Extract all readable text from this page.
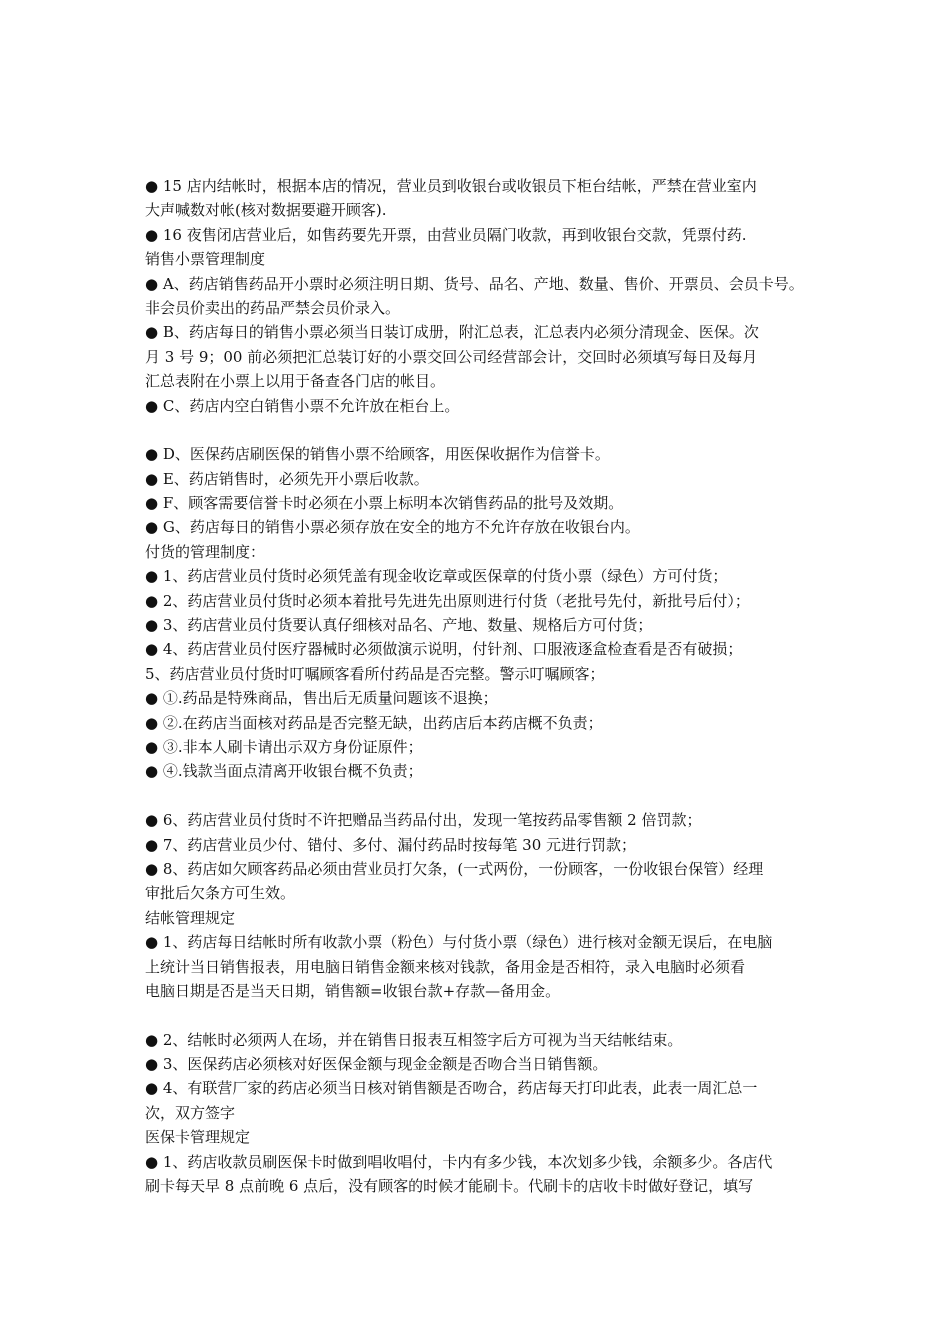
● 15 店内结帐时，根据本店的情况，营业员到收银台或收银员下柜台结帐，严禁在营业室内
大声喊数对帐(核对数据要避开顾客).
● 16 夜售闭店营业后，如售药要先开票，由营业员隔门收款，再到收银台交款，凭票付药.
销售小票管理制度
● A、药店销售药品开小票时必须注明日期、货号、品名、产地、数量、售价、开票员、会员卡号。
非会员价卖出的药品严禁会员价录入。
● B、药店每日的销售小票必须当日装订成册，附汇总表，汇总表内必须分清现金、医保。次
月 3 号 9；00 前必须把汇总装订好的小票交回公司经营部会计，交回时必须填写每日及每月
汇总表附在小票上以用于备查各门店的帐目。
● C、药店内空白销售小票不允许放在柜台上。
● D、医保药店刷医保的销售小票不给顾客，用医保收据作为信誉卡。
● E、药店销售时，必须先开小票后收款。
● F、顾客需要信誉卡时必须在小票上标明本次销售药品的批号及效期。
● G、药店每日的销售小票必须存放在安全的地方不允许存放在收银台内。
付货的管理制度：
● 1、药店营业员付货时必须凭盖有现金收讫章或医保章的付货小票（绿色）方可付货；
● 2、药店营业员付货时必须本着批号先进先出原则进行付货（老批号先付，新批号后付）；
● 3、药店营业员付货要认真仔细核对品名、产地、数量、规格后方可付货；
● 4、药店营业员付医疗器械时必须做演示说明，付针剂、口服液逐盒检查看是否有破损；
5、药店营业员付货时叮嘱顾客看所付药品是否完整。警示叮嘱顾客；
● ①.药品是特殊商品，售出后无质量问题该不退换；
● ②.在药店当面核对药品是否完整无缺，出药店后本药店概不负责；
● ③.非本人刷卡请出示双方身份证原件；
● ④.钱款当面点清离开收银台概不负责；
● 6、药店营业员付货时不许把赠品当药品付出，发现一笔按药品零售额 2 倍罚款；
● 7、药店营业员少付、错付、多付、漏付药品时按每笔 30 元进行罚款；
● 8、药店如欠顾客药品必须由营业员打欠条，(一式两份，一份顾客，一份收银台保管）经理
审批后欠条方可生效。
结帐管理规定
● 1、药店每日结帐时所有收款小票（粉色）与付货小票（绿色）进行核对金额无误后，在电脑
上统计当日销售报表，用电脑日销售金额来核对钱款，备用金是否相符，录入电脑时必须看
电脑日期是否是当天日期，销售额=收银台款+存款—备用金。
● 2、结帐时必须两人在场，并在销售日报表互相签字后方可视为当天结帐结束。
● 3、医保药店必须核对好医保金额与现金金额是否吻合当日销售额。
● 4、有联营厂家的药店必须当日核对销售额是否吻合，药店每天打印此表，此表一周汇总一
次，双方签字
医保卡管理规定
● 1、药店收款员刷医保卡时做到唱收唱付，卡内有多少钱，本次划多少钱，余额多少。各店代
刷卡每天早 8 点前晚 6 点后，没有顾客的时候才能刷卡。代刷卡的店收卡时做好登记，填写
